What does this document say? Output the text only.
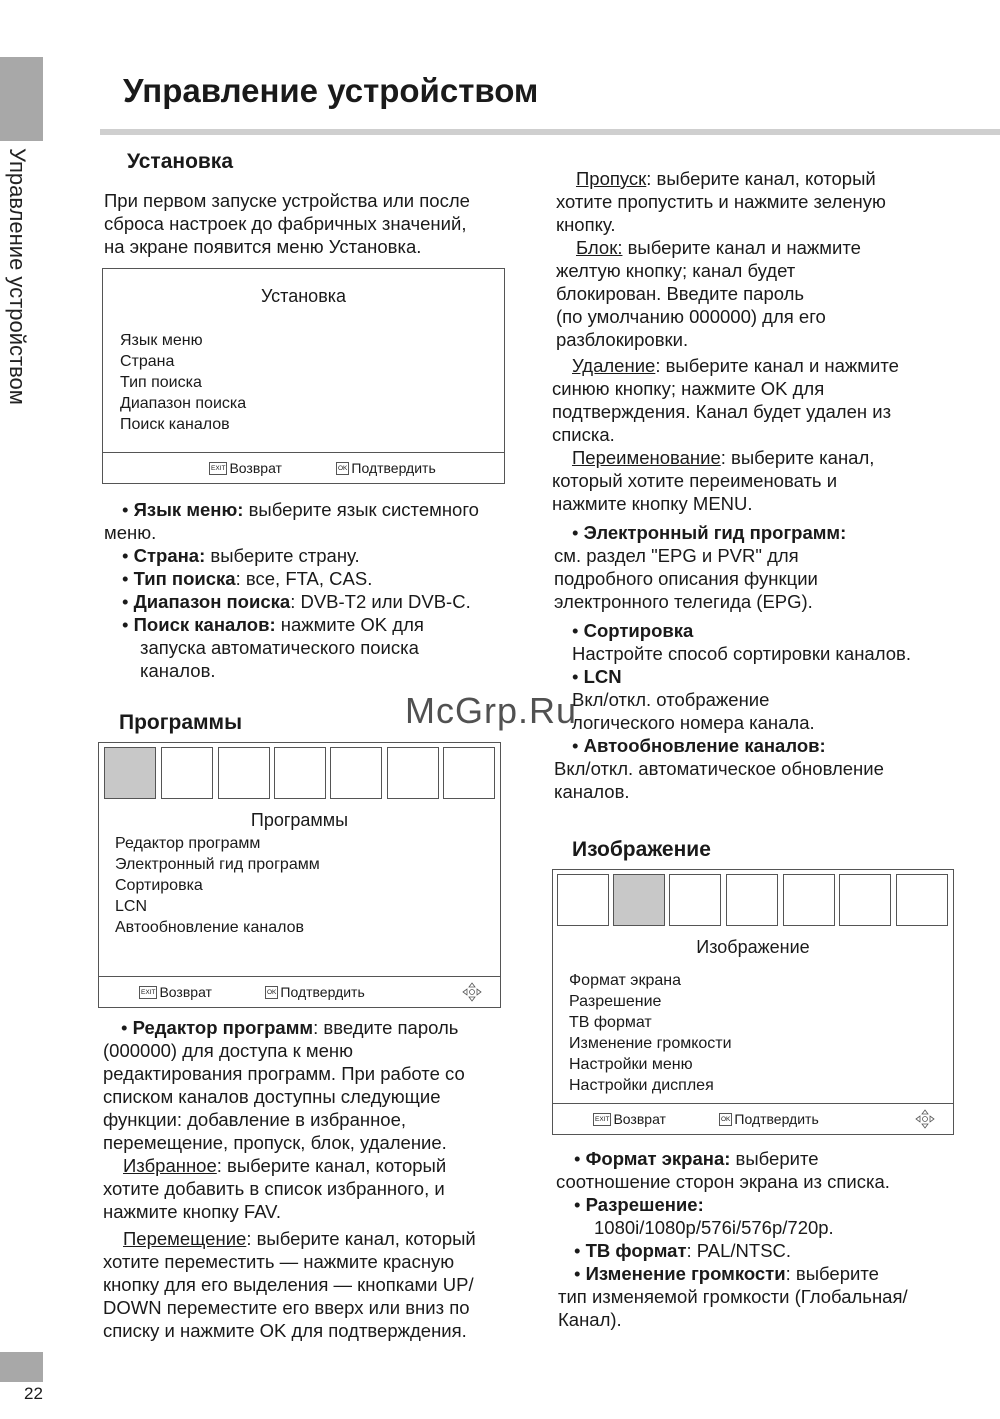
Управление устройством
22
Управление устройством
Установка
При первом запуске устройства или после
сброса настроек до фабричных значений,
на экране появится меню Установка.
Установка
Язык меню
Страна
Тип поиска
Диапазон поиска
Поиск каналов
EXIT Возврат	OK Подтвердить
• Язык меню: выберите язык системного
меню.
• Страна: выберите страну.
• Тип поиска: все, FTA, CAS.
• Диапазон поиска: DVB-T2 или DVB-C.
• Поиск каналов: нажмите OK для
запуска автоматического поиска
каналов.
Программы
Программы
Редактор программ
Электронный гид программ
Сортировка
LCN
Автообновление каналов
EXIT Возврат	OK Подтвердить
• Редактор программ: введите пароль
(000000) для доступа к меню
редактирования программ. При работе со
списком каналов доступны следующие
функции: добавление в избранное,
перемещение, пропуск, блок, удаление.
Избранное: выберите канал, который
хотите добавить в список избранного, и
нажмите кнопку FAV.
Перемещение: выберите канал, который
хотите переместить — нажмите красную
кнопку для его выделения — кнопками UP/
DOWN переместите его вверх или вниз по
списку и нажмите OK для подтверждения.
Пропуск: выберите канал, который
хотите пропустить и нажмите зеленую
кнопку.
Блок: выберите канал и нажмите
желтую кнопку; канал будет
блокирован. Введите пароль
(по умолчанию 000000) для его
разблокировки.
Удаление: выберите канал и нажмите
синюю кнопку; нажмите OK для
подтверждения. Канал будет удален из
списка.
Переименование: выберите канал,
который хотите переименовать и
нажмите кнопку MENU.
• Электронный гид программ:
см. раздел "EPG и PVR" для
подробного описания функции
электронного телегида (EPG).
• Сортировка
Настройте способ сортировки каналов.
• LCN
Вкл/откл. отображение
логического номера канала.
• Автообновление каналов:
Вкл/откл. автоматическое обновление
каналов.
McGrp.Ru
Изображение
Изображение
Формат экрана
Разрешение
ТВ формат
Изменение громкости
Настройки меню
Настройки дисплея
EXIT Возврат	OK Подтвердить
• Формат экрана: выберите
соотношение сторон экрана из списка.
• Разрешение:
1080i/1080p/576i/576p/720p.
• ТВ формат: PAL/NTSC.
• Изменение громкости: выберите
тип изменяемой громкости (Глобальная/
Канал).
